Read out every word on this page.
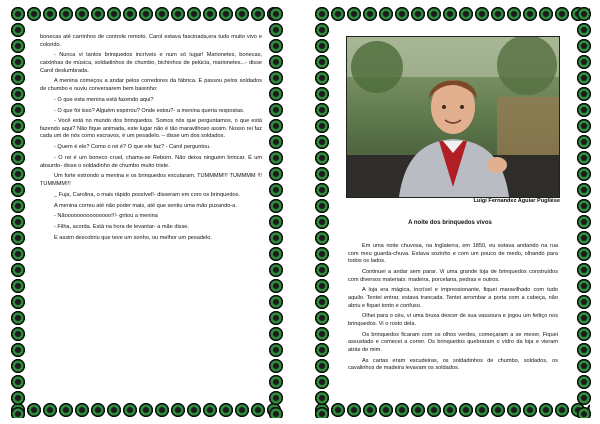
bonecas até carrinhos de controle remoto. Carol estava fascinada,era tudo muito vivo e colorido.

- Nunca vi tantos brinquedos incríveis e num só lugar! Marionetes, bonecas, caixinhas de música, soldadinhos de chumbo, bichinhos de pelúcia, marionetes...- disse Carol deslumbrada.

A menina começou a andar pelos corredores da fábrica. E passou pelos soldados de chumbo e ouviu conversarem bem baixinho:

- O que esta menina está fazendo aqui?

- O que foi isso? Alguém espirrou? Onde estou?- a menina queria respostas.

- Você está no mundo dos brinquedos. Somos nós que perguntamos, o que está fazendo aqui? Não fique animada, este lugar não é tão maravilhoso assim. Nosso rei faz cada um de nós como escravos, é um pesadelo. – disse um dos soldados.

- Quem é ele? Como o rei é? O que ele faz? - Carol perguntou.

- O rei é um boneco cruel, chama-se Reborn. Não deixa ninguém brincar. É um absurdo- disse o soldadinho de chumbo muito triste.

Um forte estrondo a menina e os brinquedos escutaram. TUMMMM!!! TUMMMM !!! TUMMMM!!!

_ Fuja, Carolina, o mais rápido possível!- disseram em coro os brinquedos.

A menina correu até não poder mais, até que sentiu uma mão puxando-a.

- Nãooooooooooooooo!!!- gritou a menina

- Filha, acorda. Está na hora de levantar- a mãe disse.

E assim descobriu que teve um sonho, ou melhor um pesadelo.

Luigi Fernandez Aguiar Puglièse
A noite dos brinquedos vivos

Em uma noite chuvosa, na Inglaterra, em 1850, eu estava andando na rua com meu guarda-chuva. Estava sozinho e com um pouco de medo, olhando para todos os lados.

Continuei a andar sem parar. Vi uma grande loja de brinquedos construídos com diversos materiais: madeira, porcelana, pedras e outros.

A loja era mágica, incrível e impressionante, fiquei maravilhado com tudo aquilo. Tentei entrar, estava trancada. Tentei arrombar a porta com a cabeça, não abriu e fiquei tonto e confuso.

Olhei para o céu, vi uma bruxa descer de sua vassoura e jogou um feitiço nos brinquedos. Vi o rosto dela.

Os brinquedos ficaram com os olhos verdes, começaram a se mexer. Fiquei assustado e comecei a correr. Os brinquedos quebraram o vidro da loja e vieram atrás de mim.

As cartas eram escudeiras, os soldadinhos de chumbo, soldados, os cavalinhos de madeira levavam os soldados.
